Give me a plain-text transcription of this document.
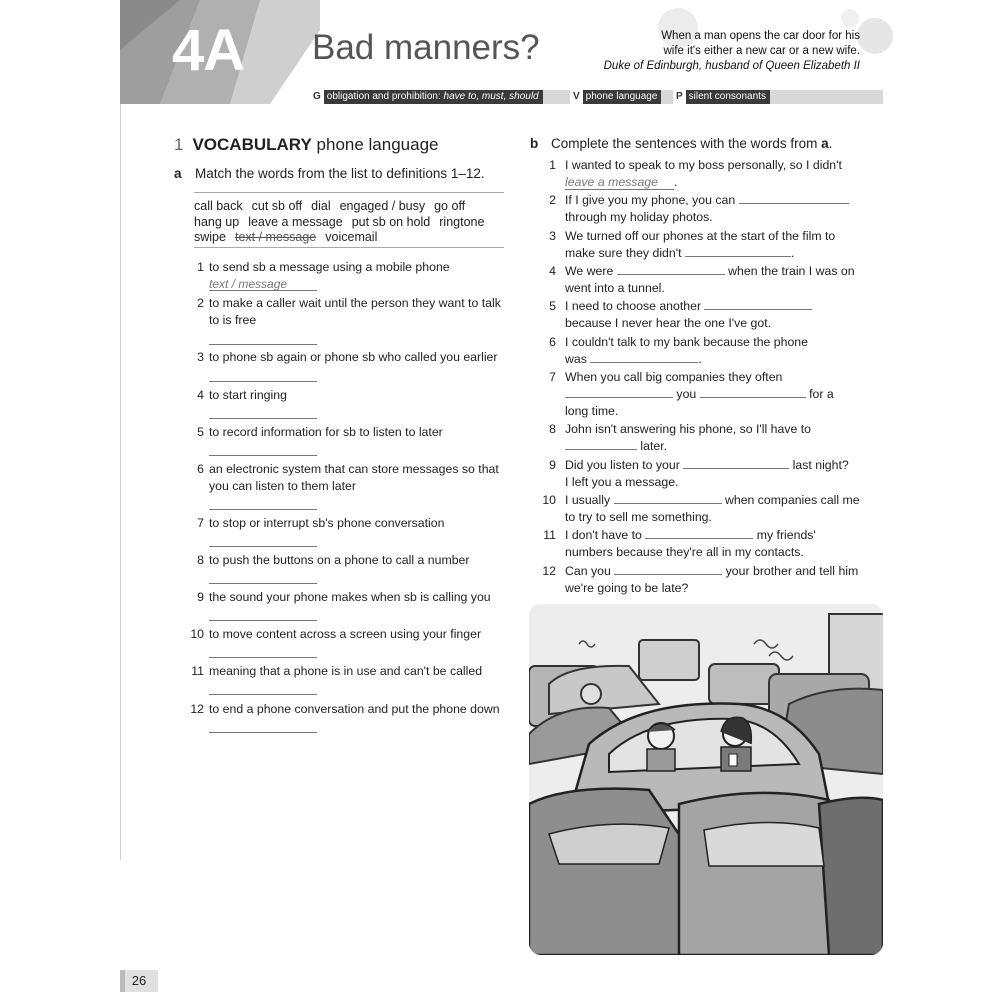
4A Bad manners?	When a man opens the car door for his
wife it's either a new car or a new wife.
Duke of Edinburgh, husband of Queen Elizabeth II
G obligation and prohibition: have to, must, should	V phone language	P silent consonants
1 VOCABULARY phone language
a Match the words from the list to definitions 1–12.
call back cut sb off dial engaged / busy go off
hang up leave a message put sb on hold ringtone
swipe text / message voicemail
1 to send sb a message using a mobile phone
text / message
2 to make a caller wait until the person they want to talk to is free
3 to phone sb again or phone sb who called you earlier
4 to start ringing
5 to record information for sb to listen to later
6 an electronic system that can store messages so that you can listen to them later
7 to stop or interrupt sb's phone conversation
8 to push the buttons on a phone to call a number
9 the sound your phone makes when sb is calling you
10 to move content across a screen using your finger
11 meaning that a phone is in use and can't be called
12 to end a phone conversation and put the phone down
b Complete the sentences with the words from a.
1 I wanted to speak to my boss personally, so I didn't
leave a message .
2 If I give you my phone, you can
through my holiday photos.
3 We turned off our phones at the start of the film to
make sure they didn't	.
4 We were	when the train I was on
went into a tunnel.
5 I need to choose another
because I never hear the one I've got.
6 I couldn't talk to my bank because the phone
was	.
7 When you call big companies they often
you	for a
long time.
8 John isn't answering his phone, so I'll have to
later.
9 Did you listen to your	last night?
I left you a message.
10 I usually	when companies call me
to try to sell me something.
11 I don't have to	my friends'
numbers because they're all in my contacts.
12 Can you	your brother and tell him
we're going to be late?
26
